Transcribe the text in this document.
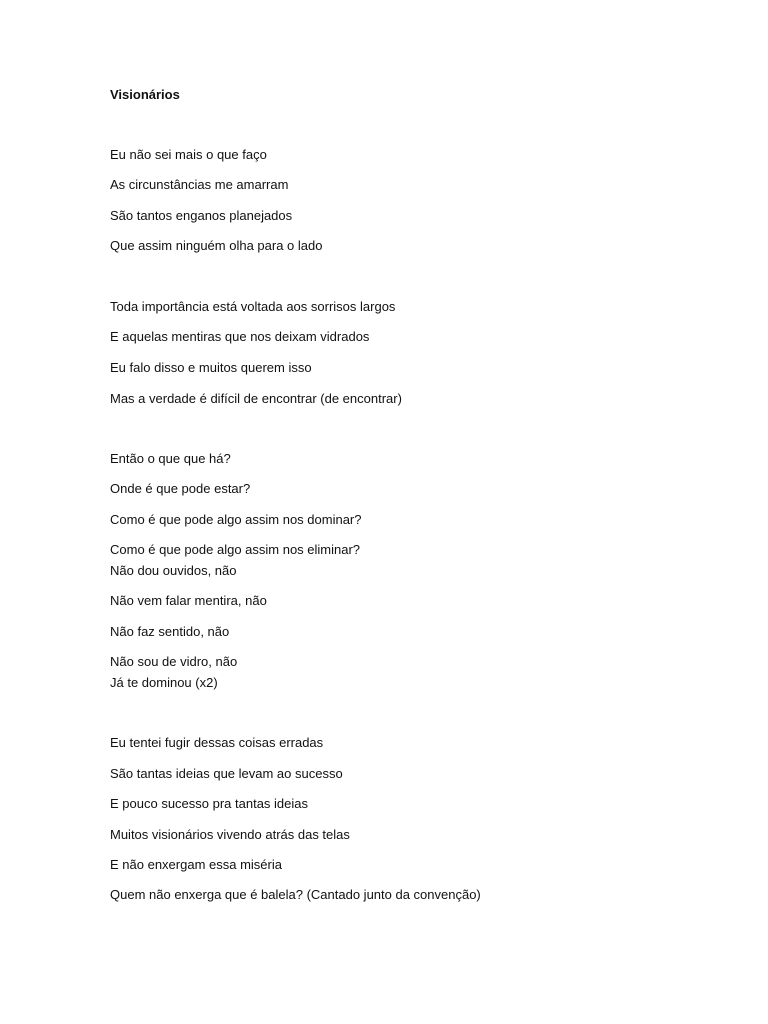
Visionários
Eu não sei mais o que faço
As circunstâncias me amarram
São tantos enganos planejados
Que assim ninguém olha para o lado
Toda importância está voltada aos sorrisos largos
E aquelas mentiras que nos deixam vidrados
Eu falo disso e muitos querem isso
Mas a verdade é difícil de encontrar (de encontrar)
Então o que que há?
Onde é que pode estar?
Como é que pode algo assim nos dominar?
Como é que pode algo assim nos eliminar?
Não dou ouvidos, não
Não vem falar mentira, não
Não faz sentido, não
Não sou de vidro, não
Já te dominou (x2)
Eu tentei fugir dessas coisas erradas
São tantas ideias que levam ao sucesso
E pouco sucesso pra tantas ideias
Muitos visionários vivendo atrás das telas
E não enxergam essa miséria
Quem não enxerga que é balela? (Cantado junto da convenção)
